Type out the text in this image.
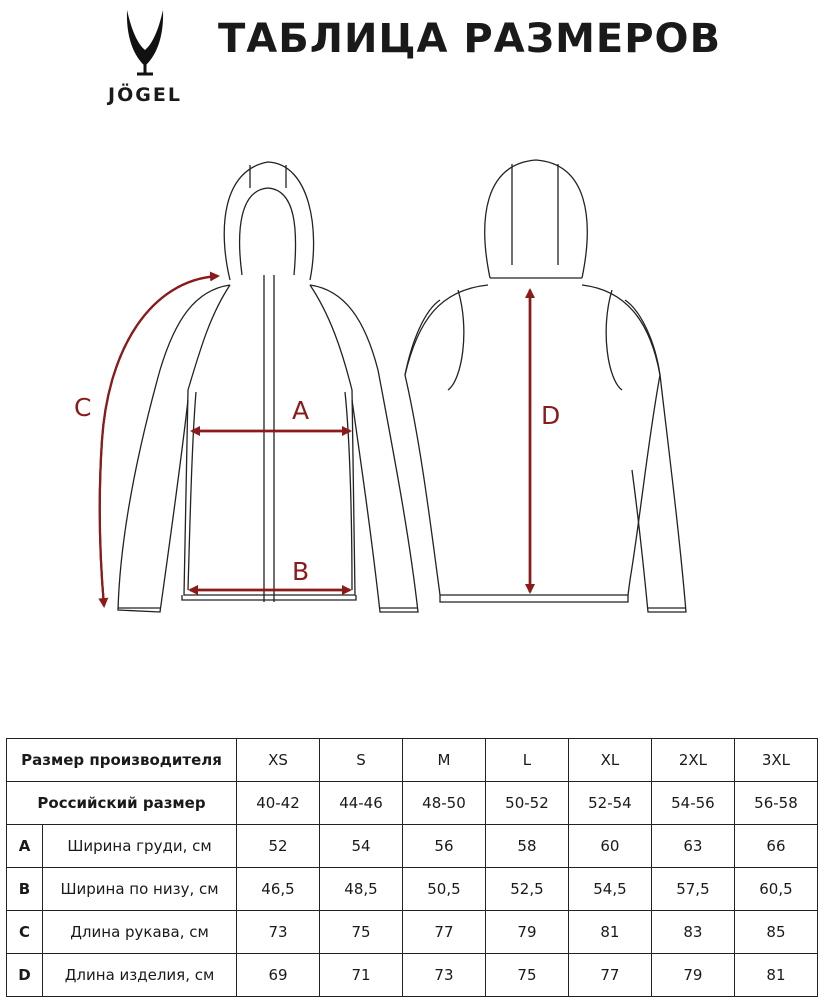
JÖGEL
ТАБЛИЦА РАЗМЕРОВ
A
B
C	D
Размер производителя		XS	S	M	L	XL	2XL	3XL
Российский размер		40-42	44-46	48-50	50-52	52-54	54-56	56-58
A	Ширина груди, см	52	54	56	58	60	63	66
B	Ширина по низу, см	46,5	48,5	50,5	52,5	54,5	57,5	60,5
C	Длина рукава, см	73	75	77	79	81	83	85
D	Длина изделия, см	69	71	73	75	77	79	81
